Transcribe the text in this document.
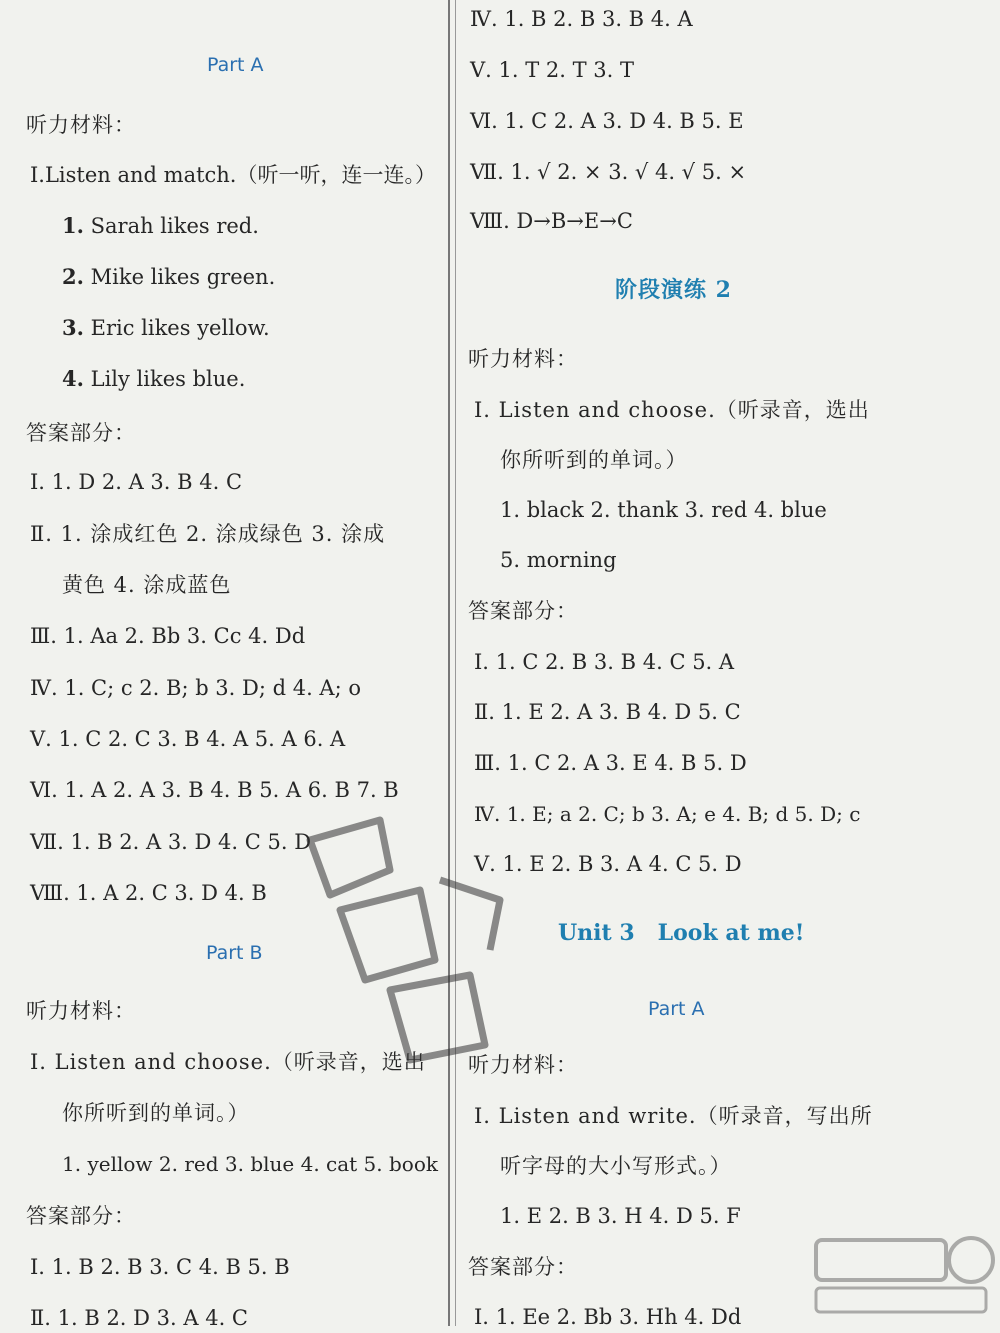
Part A
听力材料：
Ⅰ.Listen and match.（听一听，连一连。）
1. Sarah likes red.
2. Mike likes green.
3. Eric likes yellow.
4. Lily likes blue.
答案部分：
Ⅰ. 1. D 2. A 3. B 4. C
Ⅱ. 1. 涂成红色 2. 涂成绿色 3. 涂成
黄色 4. 涂成蓝色
Ⅲ. 1. Aa 2. Bb 3. Cc 4. Dd
Ⅳ. 1. C; c 2. B; b 3. D; d 4. A; o
Ⅴ. 1. C 2. C 3. B 4. A 5. A 6. A
Ⅵ. 1. A 2. A 3. B 4. B 5. A 6. B 7. B
Ⅶ. 1. B 2. A 3. D 4. C 5. D
Ⅷ. 1. A 2. C 3. D 4. B
Part B
听力材料：
Ⅰ. Listen and choose.（听录音，选出
你所听到的单词。）
1. yellow 2. red 3. blue 4. cat 5. book
答案部分：
Ⅰ. 1. B 2. B 3. C 4. B 5. B
Ⅱ. 1. B 2. D 3. A 4. C
Ⅳ. 1. B 2. B 3. B 4. A
Ⅴ. 1. T 2. T 3. T
Ⅵ. 1. C 2. A 3. D 4. B 5. E
Ⅶ. 1. √ 2. × 3. √ 4. √ 5. ×
Ⅷ. D→B→E→C
阶段演练 2
听力材料：
Ⅰ. Listen and choose.（听录音，选出
你所听到的单词。）
1. black 2. thank 3. red 4. blue
5. morning
答案部分：
Ⅰ. 1. C 2. B 3. B 4. C 5. A
Ⅱ. 1. E 2. A 3. B 4. D 5. C
Ⅲ. 1. C 2. A 3. E 4. B 5. D
Ⅳ. 1. E; a 2. C; b 3. A; e 4. B; d 5. D; c
Ⅴ. 1. E 2. B 3. A 4. C 5. D
Unit 3   Look at me!
Part A
听力材料：
Ⅰ. Listen and write.（听录音，写出所
听字母的大小写形式。）
1. E 2. B 3. H 4. D 5. F
答案部分：
Ⅰ. 1. Ee 2. Bb 3. Hh 4. Dd
